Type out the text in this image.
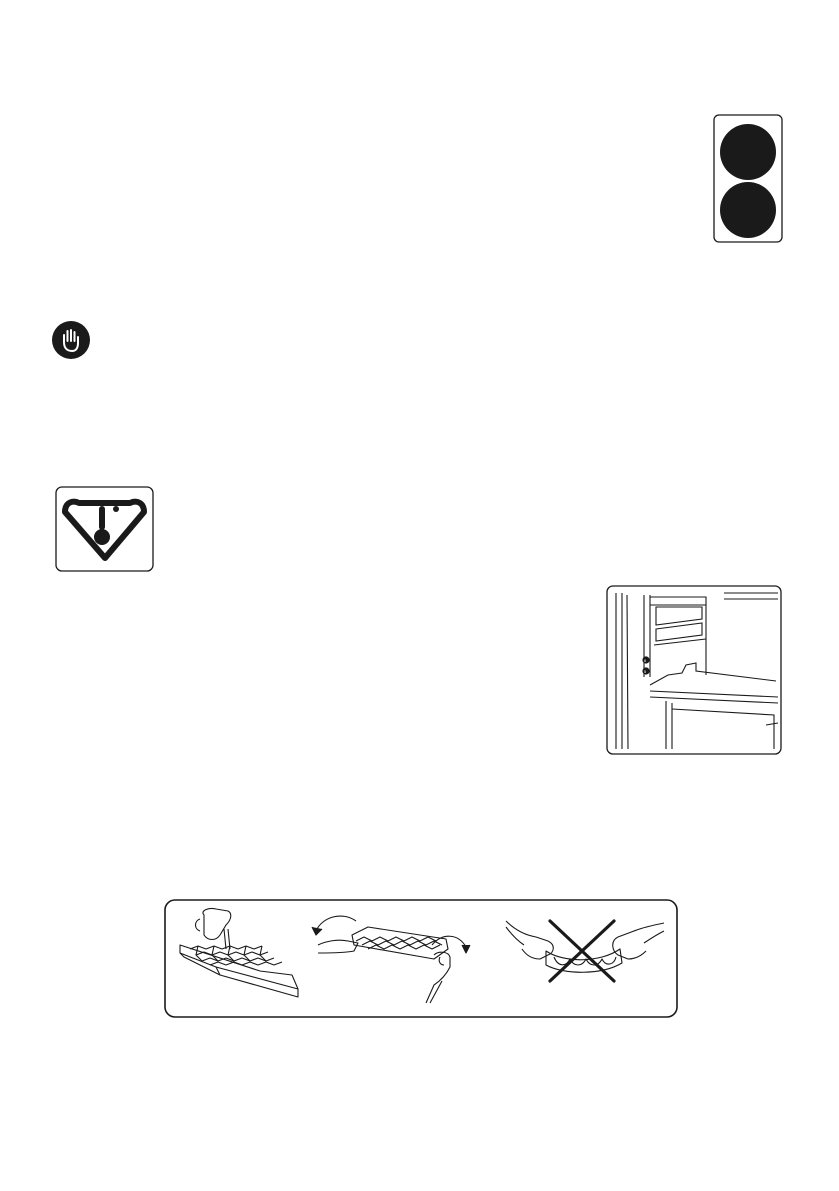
6
5
